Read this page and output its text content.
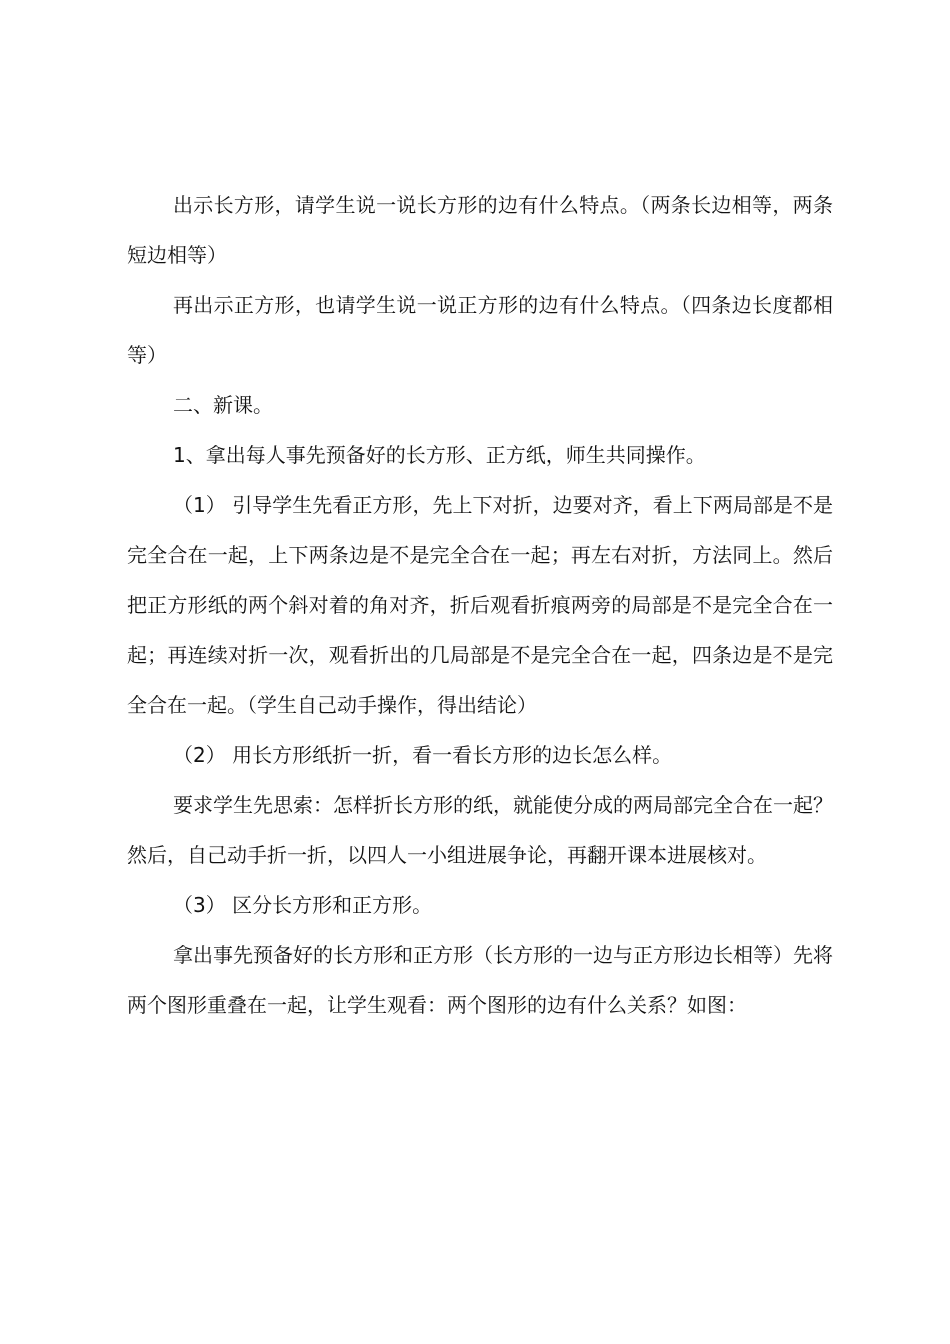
出示长方形，请学生说一说长方形的边有什么特点。（两条长边相等，两条短边相等）

再出示正方形，也请学生说一说正方形的边有什么特点。（四条边长度都相等）

二、新课。

1、拿出每人事先预备好的长方形、正方纸，师生共同操作。

（1） 引导学生先看正方形，先上下对折，边要对齐，看上下两局部是不是完全合在一起，上下两条边是不是完全合在一起；再左右对折，方法同上。然后把正方形纸的两个斜对着的角对齐，折后观看折痕两旁的局部是不是完全合在一起；再连续对折一次，观看折出的几局部是不是完全合在一起，四条边是不是完全合在一起。（学生自己动手操作，得出结论）

（2） 用长方形纸折一折，看一看长方形的边长怎么样。

要求学生先思索：怎样折长方形的纸，就能使分成的两局部完全合在一起？然后，自己动手折一折，以四人一小组进展争论，再翻开课本进展核对。

（3） 区分长方形和正方形。

拿出事先预备好的长方形和正方形（长方形的一边与正方形边长相等）先将两个图形重叠在一起，让学生观看：两个图形的边有什么关系？如图：
